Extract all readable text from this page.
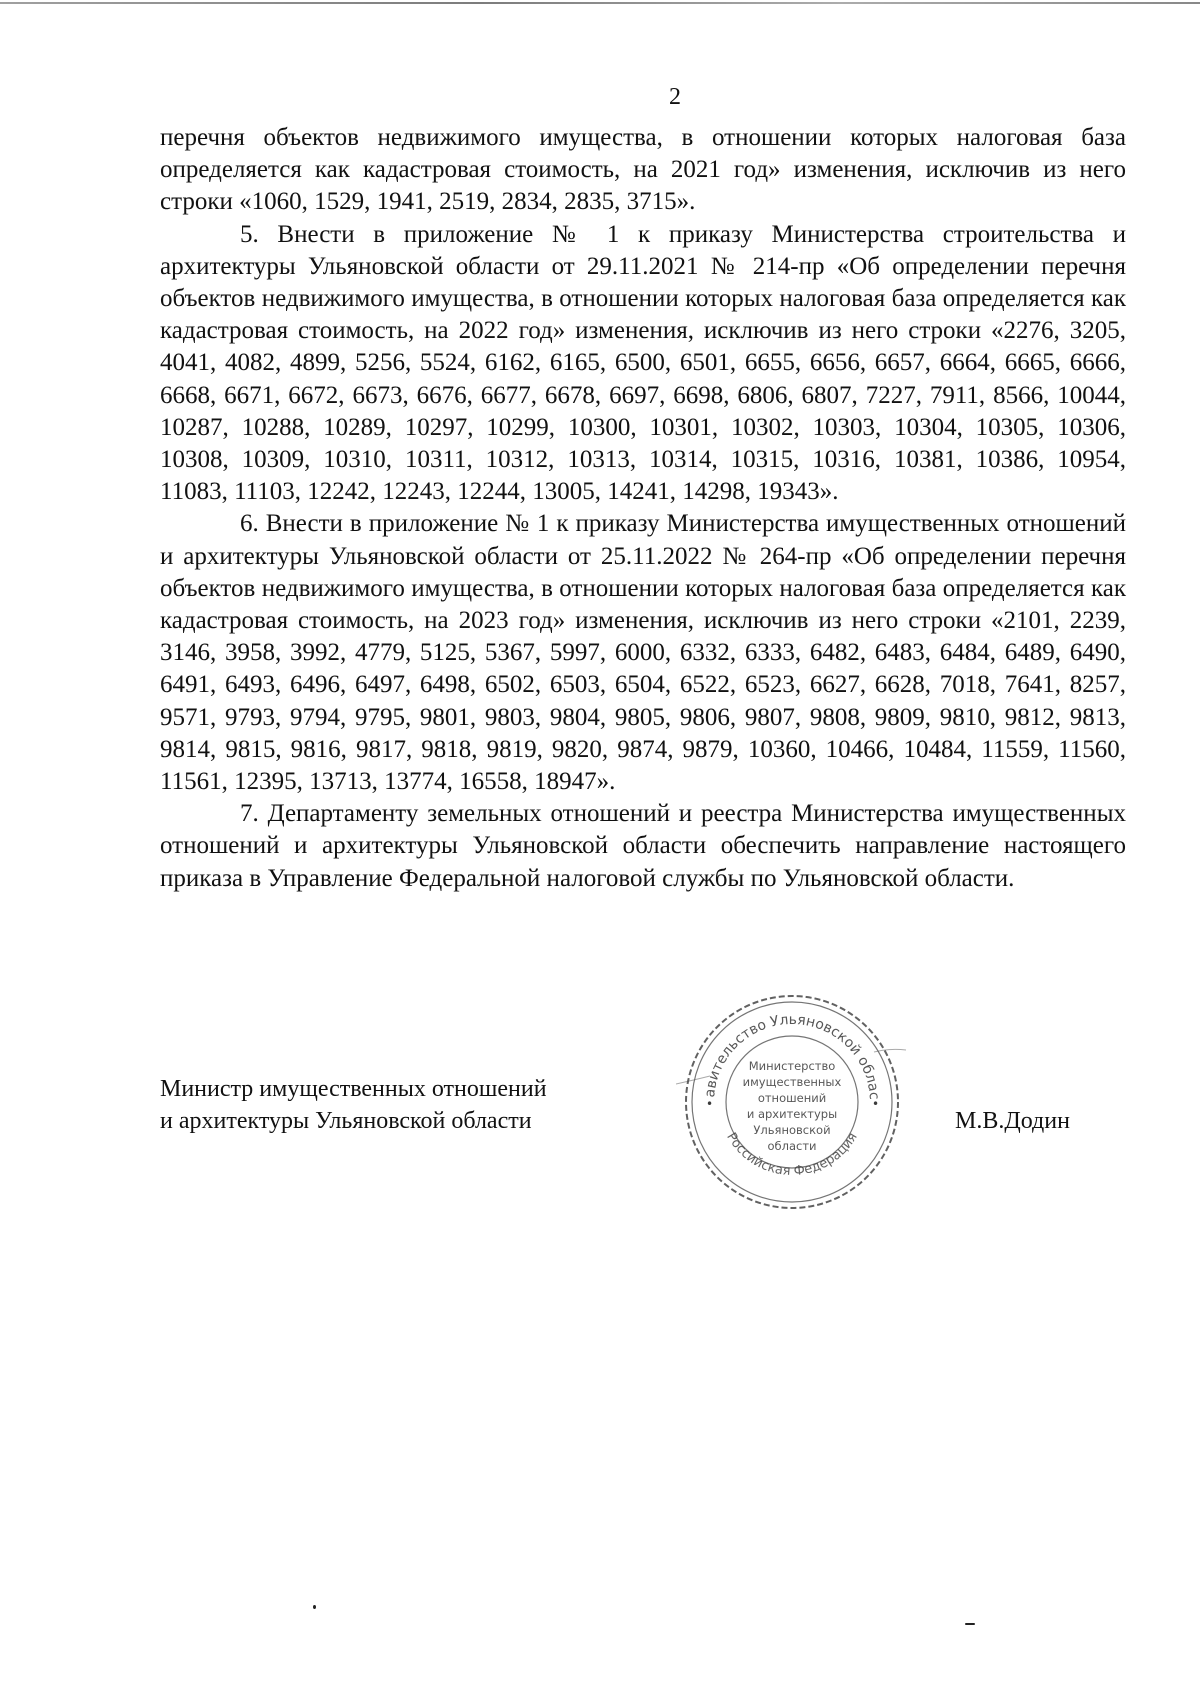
2

перечня объектов недвижимого имущества, в отношении которых налоговая база определяется как кадастровая стоимость, на 2021 год» изменения, исключив из него строки «1060, 1529, 1941, 2519, 2834, 2835, 3715».

5. Внести в приложение № 1 к приказу Министерства строительства и архитектуры Ульяновской области от 29.11.2021 № 214-пр «Об определении перечня объектов недвижимого имущества, в отношении которых налоговая база определяется как кадастровая стоимость, на 2022 год» изменения, исключив из него строки «2276, 3205, 4041, 4082, 4899, 5256, 5524, 6162, 6165, 6500, 6501, 6655, 6656, 6657, 6664, 6665, 6666, 6668, 6671, 6672, 6673, 6676, 6677, 6678, 6697, 6698, 6806, 6807, 7227, 7911, 8566, 10044, 10287, 10288, 10289, 10297, 10299, 10300, 10301, 10302, 10303, 10304, 10305, 10306, 10308, 10309, 10310, 10311, 10312, 10313, 10314, 10315, 10316, 10381, 10386, 10954, 11083, 11103, 12242, 12243, 12244, 13005, 14241, 14298, 19343».

6. Внести в приложение № 1 к приказу Министерства имущественных отношений и архитектуры Ульяновской области от 25.11.2022 № 264-пр «Об определении перечня объектов недвижимого имущества, в отношении которых налоговая база определяется как кадастровая стоимость, на 2023 год» изменения, исключив из него строки «2101, 2239, 3146, 3958, 3992, 4779, 5125, 5367, 5997, 6000, 6332, 6333, 6482, 6483, 6484, 6489, 6490, 6491, 6493, 6496, 6497, 6498, 6502, 6503, 6504, 6522, 6523, 6627, 6628, 7018, 7641, 8257, 9571, 9793, 9794, 9795, 9801, 9803, 9804, 9805, 9806, 9807, 9808, 9809, 9810, 9812, 9813, 9814, 9815, 9816, 9817, 9818, 9819, 9820, 9874, 9879, 10360, 10466, 10484, 11559, 11560, 11561, 12395, 13713, 13774, 16558, 18947».

7. Департаменту земельных отношений и реестра Министерства имущественных отношений и архитектуры Ульяновской области обеспечить направление настоящего приказа в Управление Федеральной налоговой службы по Ульяновской области.

Министр имущественных отношений
и архитектуры Ульяновской области
авительство Ульяновской облас
Российская Федерация
•	•
Министерство
имущественных
отношений
и архитектуры
Ульяновской
области
М.В.Додин
